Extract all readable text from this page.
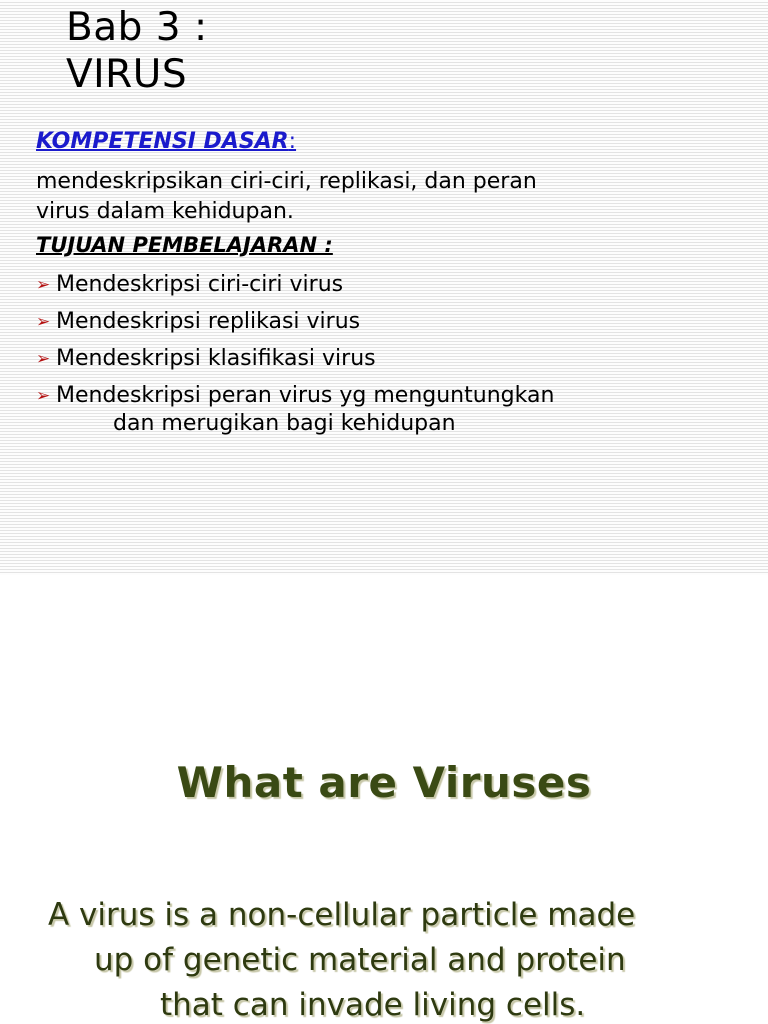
Bab 3 :
VIRUS
KOMPETENSI DASAR:
mendeskripsikan ciri-ciri, replikasi, dan peran
virus dalam kehidupan.
TUJUAN PEMBELAJARAN :
➢ Mendeskripsi ciri-ciri virus
➢ Mendeskripsi replikasi virus
➢ Mendeskripsi klasifikasi virus
➢ Mendeskripsi peran virus yg menguntungkan
dan merugikan bagi kehidupan
What are Viruses
A virus is a non-cellular particle made
up of genetic material and protein
that can invade living cells.
